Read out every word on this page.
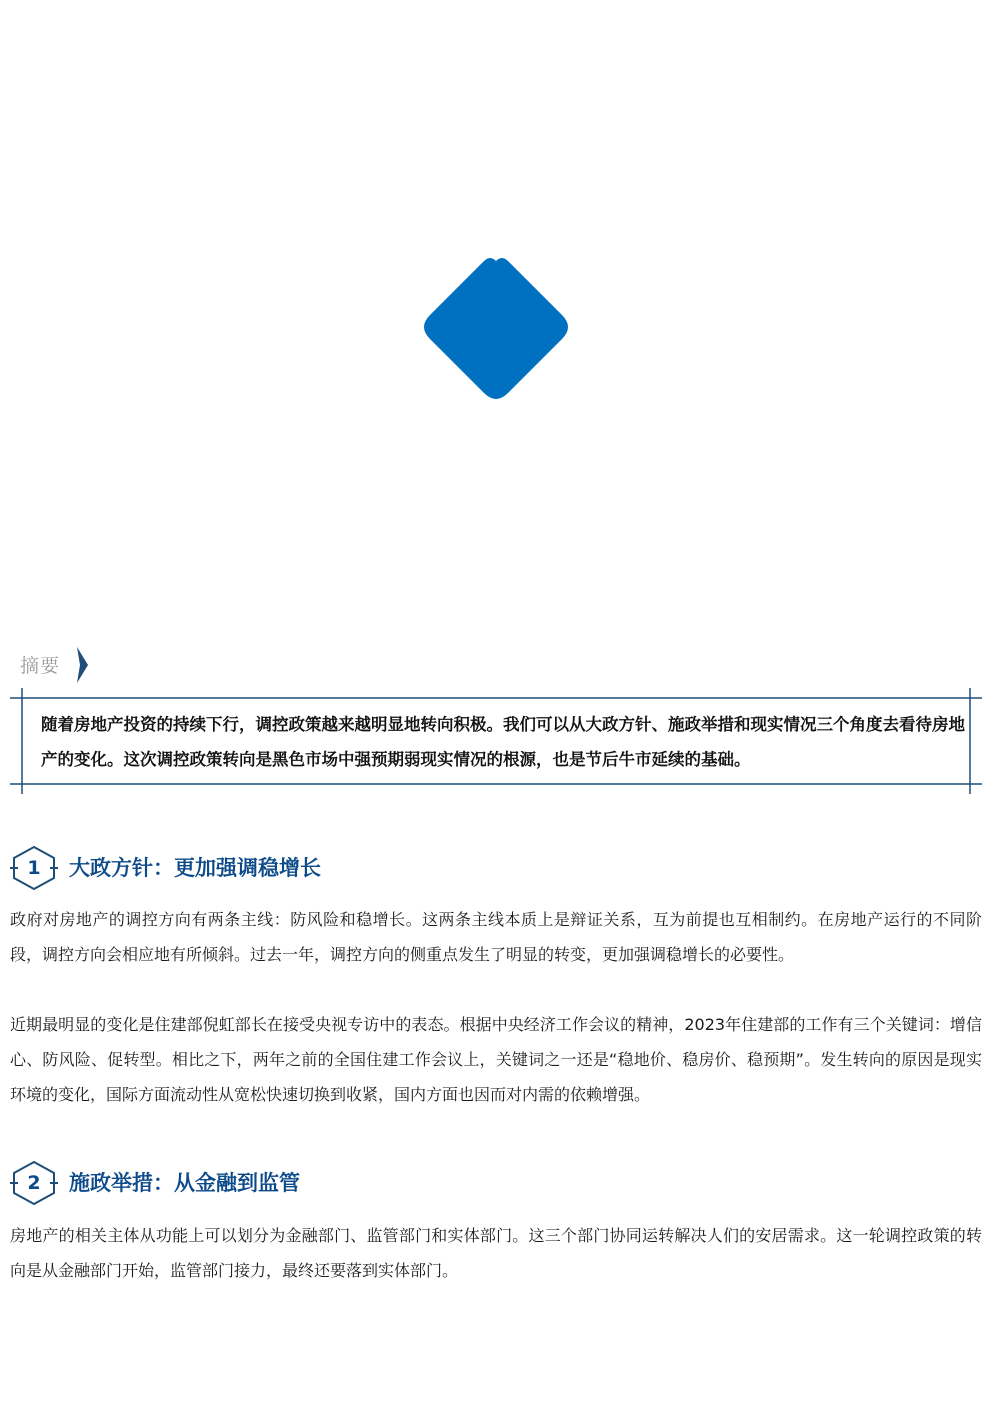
摘要
随着房地产投资的持续下行，调控政策越来越明显地转向积极。我们可以从大政方针、施政举措和现实情况三个角度去看待房地产的变化。这次调控政策转向是黑色市场中强预期弱现实情况的根源，也是节后牛市延续的基础。
1	大政方针：更加强调稳增长
政府对房地产的调控方向有两条主线：防风险和稳增长。这两条主线本质上是辩证关系，互为前提也互相制约。在房地产运行的不同阶段，调控方向会相应地有所倾斜。过去一年，调控方向的侧重点发生了明显的转变，更加强调稳增长的必要性。
近期最明显的变化是住建部倪虹部长在接受央视专访中的表态。根据中央经济工作会议的精神，2023年住建部的工作有三个关键词：增信心、防风险、促转型。相比之下，两年之前的全国住建工作会议上，关键词之一还是“稳地价、稳房价、稳预期”。发生转向的原因是现实环境的变化，国际方面流动性从宽松快速切换到收紧，国内方面也因而对内需的依赖增强。
2	施政举措：从金融到监管
房地产的相关主体从功能上可以划分为金融部门、监管部门和实体部门。这三个部门协同运转解决人们的安居需求。这一轮调控政策的转向是从金融部门开始，监管部门接力，最终还要落到实体部门。
